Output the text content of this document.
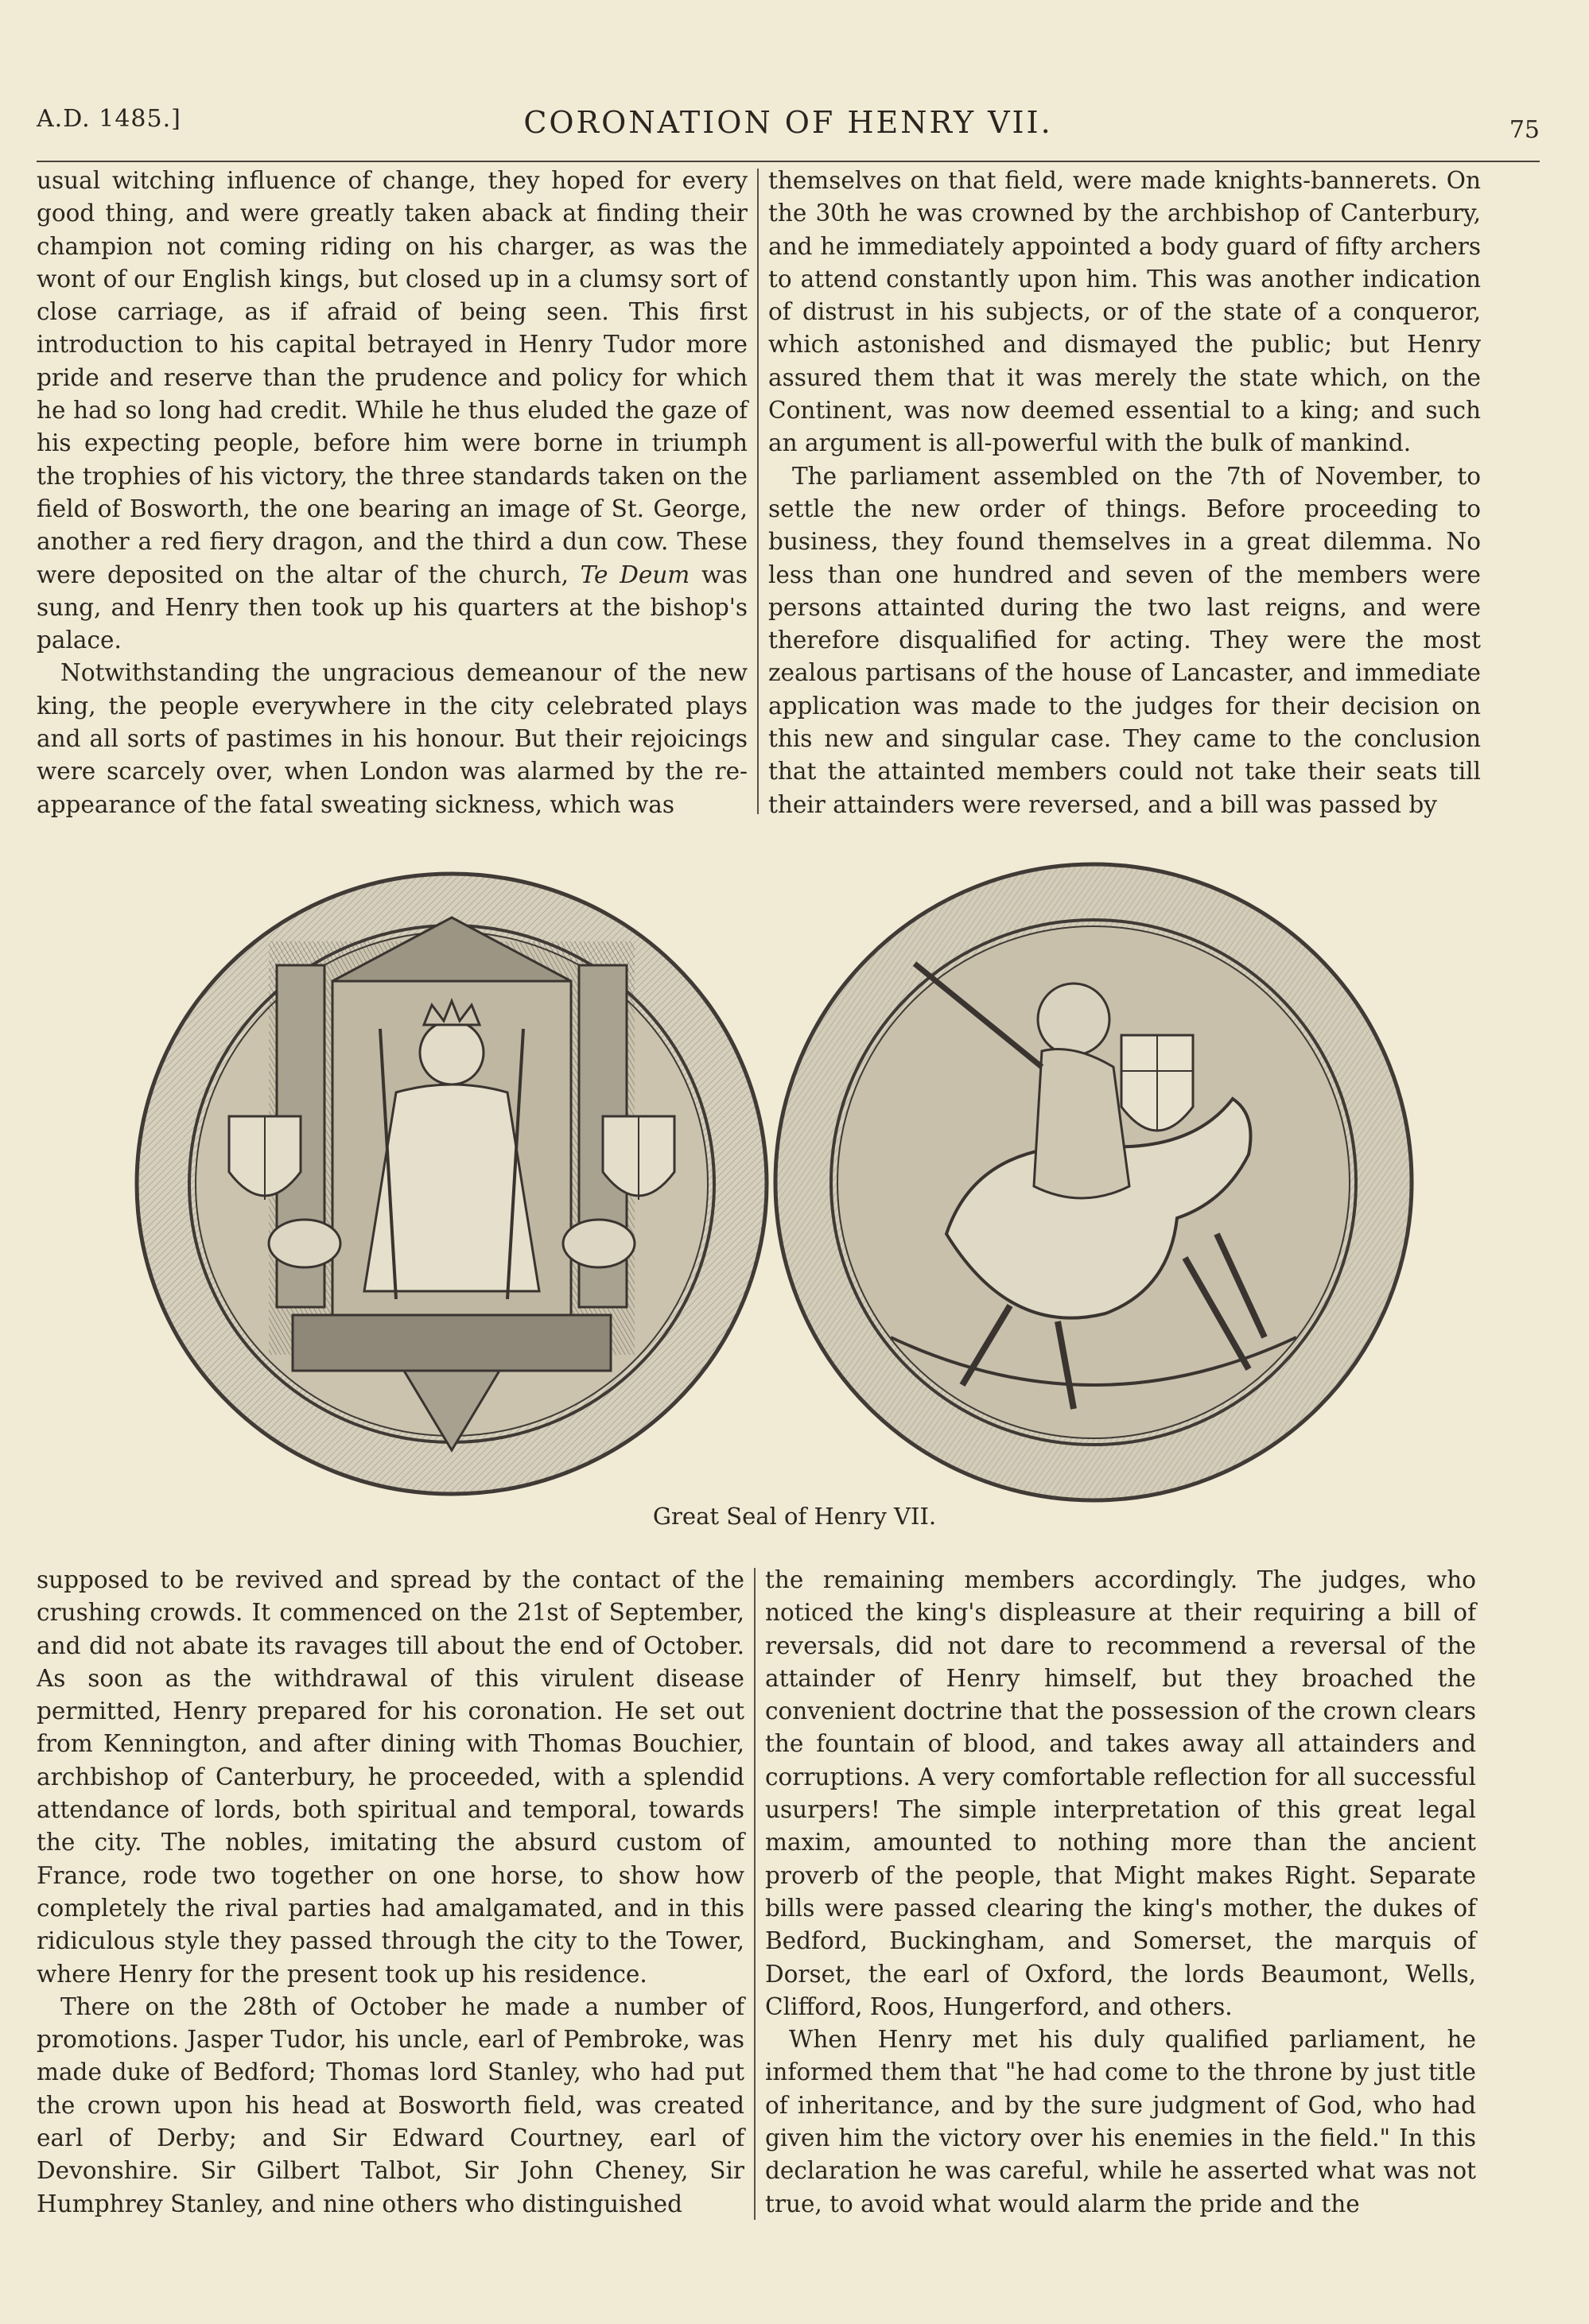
A.D. 1485.]	CORONATION OF HENRY VII.	75

usual witching influence of change, they hoped for every good thing, and were greatly taken aback at finding their champion not coming riding on his charger, as was the wont of our English kings, but closed up in a clumsy sort of close carriage, as if afraid of being seen. This first introduction to his capital betrayed in Henry Tudor more pride and reserve than the prudence and policy for which he had so long had credit. While he thus eluded the gaze of his expecting people, before him were borne in triumph the trophies of his victory, the three standards taken on the field of Bosworth, the one bearing an image of St. George, another a red fiery dragon, and the third a dun cow. These were deposited on the altar of the church, Te Deum was sung, and Henry then took up his quarters at the bishop's palace.

Notwithstanding the ungracious demeanour of the new king, the people everywhere in the city celebrated plays and all sorts of pastimes in his honour. But their rejoicings were scarcely over, when London was alarmed by the re-appearance of the fatal sweating sickness, which was

themselves on that field, were made knights-bannerets. On the 30th he was crowned by the archbishop of Canterbury, and he immediately appointed a body guard of fifty archers to attend constantly upon him. This was another indication of distrust in his subjects, or of the state of a conqueror, which astonished and dismayed the public; but Henry assured them that it was merely the state which, on the Continent, was now deemed essential to a king; and such an argument is all-powerful with the bulk of mankind.

The parliament assembled on the 7th of November, to settle the new order of things. Before proceeding to business, they found themselves in a great dilemma. No less than one hundred and seven of the members were persons attainted during the two last reigns, and were therefore disqualified for acting. They were the most zealous partisans of the house of Lancaster, and immediate application was made to the judges for their decision on this new and singular case. They came to the conclusion that the attainted members could not take their seats till their attainders were reversed, and a bill was passed by

Great Seal of Henry VII.

supposed to be revived and spread by the contact of the crushing crowds. It commenced on the 21st of September, and did not abate its ravages till about the end of October. As soon as the withdrawal of this virulent disease permitted, Henry prepared for his coronation. He set out from Kennington, and after dining with Thomas Bouchier, archbishop of Canterbury, he proceeded, with a splendid attendance of lords, both spiritual and temporal, towards the city. The nobles, imitating the absurd custom of France, rode two together on one horse, to show how completely the rival parties had amalgamated, and in this ridiculous style they passed through the city to the Tower, where Henry for the present took up his residence.

There on the 28th of October he made a number of promotions. Jasper Tudor, his uncle, earl of Pembroke, was made duke of Bedford; Thomas lord Stanley, who had put the crown upon his head at Bosworth field, was created earl of Derby; and Sir Edward Courtney, earl of Devonshire. Sir Gilbert Talbot, Sir John Cheney, Sir Humphrey Stanley, and nine others who distinguished

the remaining members accordingly. The judges, who noticed the king's displeasure at their requiring a bill of reversals, did not dare to recommend a reversal of the attainder of Henry himself, but they broached the convenient doctrine that the possession of the crown clears the fountain of blood, and takes away all attainders and corruptions. A very comfortable reflection for all successful usurpers! The simple interpretation of this great legal maxim, amounted to nothing more than the ancient proverb of the people, that Might makes Right. Separate bills were passed clearing the king's mother, the dukes of Bedford, Buckingham, and Somerset, the marquis of Dorset, the earl of Oxford, the lords Beaumont, Wells, Clifford, Roos, Hungerford, and others.

When Henry met his duly qualified parliament, he informed them that "he had come to the throne by just title of inheritance, and by the sure judgment of God, who had given him the victory over his enemies in the field." In this declaration he was careful, while he asserted what was not true, to avoid what would alarm the pride and the
